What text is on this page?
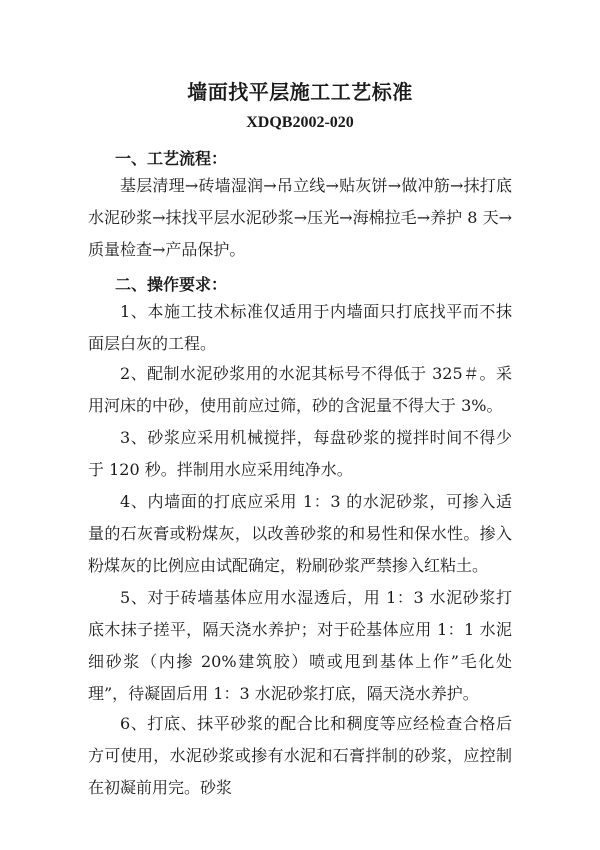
墙面找平层施工工艺标准
XDQB2002-020
一、工艺流程：

基层清理→砖墙湿润→吊立线→贴灰饼→做冲筋→抹打底水泥砂浆→抹找平层水泥砂浆→压光→海棉拉毛→养护 8 天→质量检查→产品保护。

二、操作要求：

1、本施工技术标准仅适用于内墙面只打底找平而不抹面层白灰的工程。

2、配制水泥砂浆用的水泥其标号不得低于 325＃。采用河床的中砂，使用前应过筛，砂的含泥量不得大于 3%。

3、砂浆应采用机械搅拌，每盘砂浆的搅拌时间不得少于 120 秒。拌制用水应采用纯净水。

4、内墙面的打底应采用 1：3 的水泥砂浆，可掺入适量的石灰膏或粉煤灰，以改善砂浆的和易性和保水性。掺入粉煤灰的比例应由试配确定，粉刷砂浆严禁掺入红粘土。

5、对于砖墙基体应用水湿透后，用 1：3 水泥砂浆打底木抹子搓平，隔天浇水养护；对于砼基体应用 1：1 水泥细砂浆（内掺 20%建筑胶）喷或甩到基体上作”毛化处理”，待凝固后用 1：3 水泥砂浆打底，隔天浇水养护。

6、打底、抹平砂浆的配合比和稠度等应经检查合格后方可使用，水泥砂浆或掺有水泥和石膏拌制的砂浆，应控制在初凝前用完。砂浆
